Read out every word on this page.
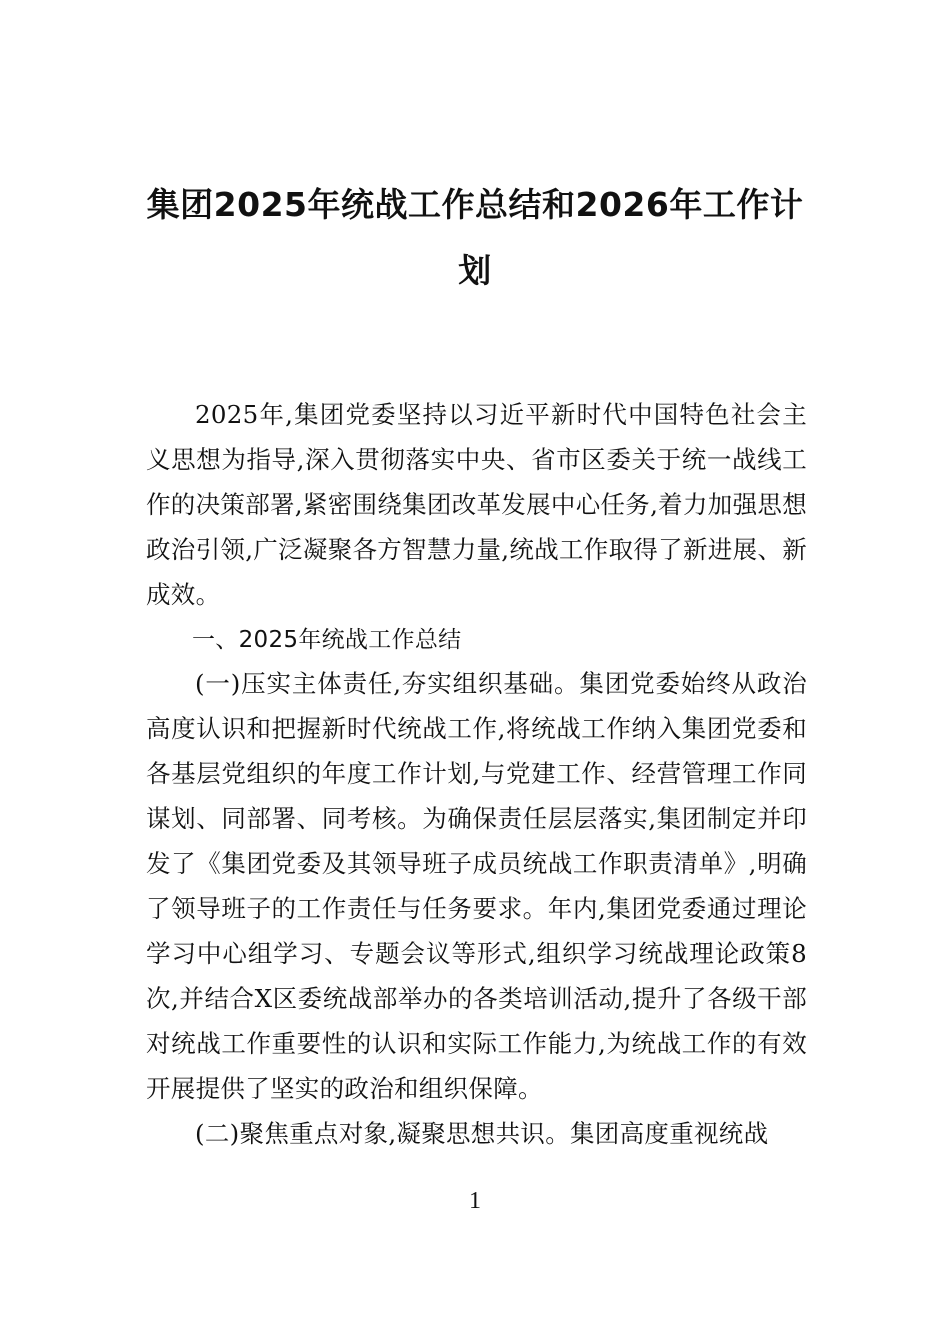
集团2025年统战工作总结和2026年工作计划

2025年,集团党委坚持以习近平新时代中国特色社会主义思想为指导,深入贯彻落实中央、省市区委关于统一战线工作的决策部署,紧密围绕集团改革发展中心任务,着力加强思想政治引领,广泛凝聚各方智慧力量,统战工作取得了新进展、新成效。

一、2025年统战工作总结

(一)压实主体责任,夯实组织基础。集团党委始终从政治高度认识和把握新时代统战工作,将统战工作纳入集团党委和各基层党组织的年度工作计划,与党建工作、经营管理工作同谋划、同部署、同考核。为确保责任层层落实,集团制定并印发了《集团党委及其领导班子成员统战工作职责清单》,明确了领导班子的工作责任与任务要求。年内,集团党委通过理论学习中心组学习、专题会议等形式,组织学习统战理论政策8次,并结合X区委统战部举办的各类培训活动,提升了各级干部对统战工作重要性的认识和实际工作能力,为统战工作的有效开展提供了坚实的政治和组织保障。

(二)聚焦重点对象,凝聚思想共识。集团高度重视统战

1
